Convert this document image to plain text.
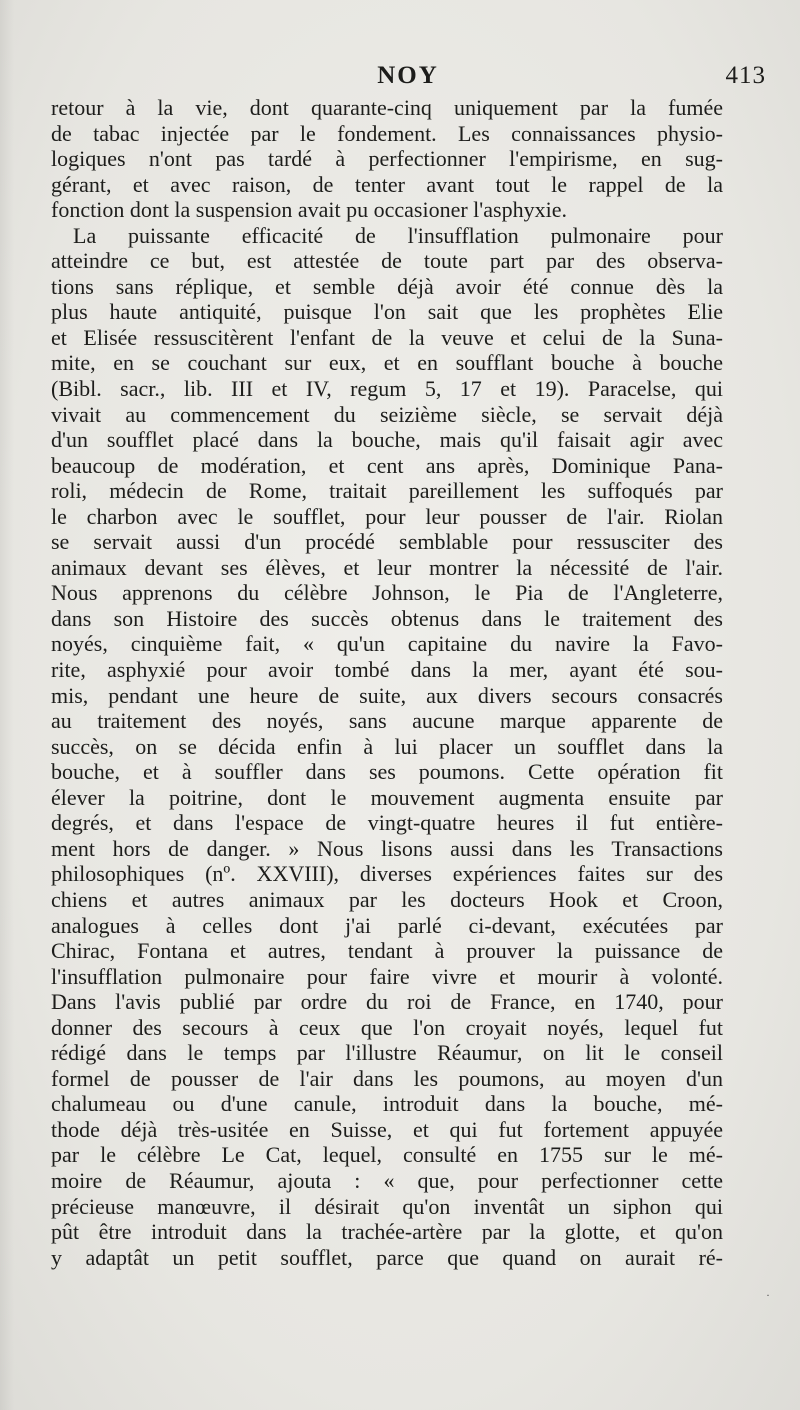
NOY	413
retour à la vie, dont quarante-cinq uniquement par la fumée
de tabac injectée par le fondement. Les connaissances physio-
logiques n'ont pas tardé à perfectionner l'empirisme, en sug-
gérant, et avec raison, de tenter avant tout le rappel de la
fonction dont la suspension avait pu occasioner l'asphyxie.
La puissante efficacité de l'insufflation pulmonaire pour
atteindre ce but, est attestée de toute part par des observa-
tions sans réplique, et semble déjà avoir été connue dès la
plus haute antiquité, puisque l'on sait que les prophètes Elie
et Elisée ressuscitèrent l'enfant de la veuve et celui de la Suna-
mite, en se couchant sur eux, et en soufflant bouche à bouche
(Bibl. sacr., lib. III et IV, regum 5, 17 et 19). Paracelse, qui
vivait au commencement du seizième siècle, se servait déjà
d'un soufflet placé dans la bouche, mais qu'il faisait agir avec
beaucoup de modération, et cent ans après, Dominique Pana-
roli, médecin de Rome, traitait pareillement les suffoqués par
le charbon avec le soufflet, pour leur pousser de l'air. Riolan
se servait aussi d'un procédé semblable pour ressusciter des
animaux devant ses élèves, et leur montrer la nécessité de l'air.
Nous apprenons du célèbre Johnson, le Pia de l'Angleterre,
dans son Histoire des succès obtenus dans le traitement des
noyés, cinquième fait, « qu'un capitaine du navire la Favo-
rite, asphyxié pour avoir tombé dans la mer, ayant été sou-
mis, pendant une heure de suite, aux divers secours consacrés
au traitement des noyés, sans aucune marque apparente de
succès, on se décida enfin à lui placer un soufflet dans la
bouche, et à souffler dans ses poumons. Cette opération fit
élever la poitrine, dont le mouvement augmenta ensuite par
degrés, et dans l'espace de vingt-quatre heures il fut entière-
ment hors de danger. » Nous lisons aussi dans les Transactions
philosophiques (nº. XXVIII), diverses expériences faites sur des
chiens et autres animaux par les docteurs Hook et Croon,
analogues à celles dont j'ai parlé ci-devant, exécutées par
Chirac, Fontana et autres, tendant à prouver la puissance de
l'insufflation pulmonaire pour faire vivre et mourir à volonté.
Dans l'avis publié par ordre du roi de France, en 1740, pour
donner des secours à ceux que l'on croyait noyés, lequel fut
rédigé dans le temps par l'illustre Réaumur, on lit le conseil
formel de pousser de l'air dans les poumons, au moyen d'un
chalumeau ou d'une canule, introduit dans la bouche, mé-
thode déjà très-usitée en Suisse, et qui fut fortement appuyée
par le célèbre Le Cat, lequel, consulté en 1755 sur le mé-
moire de Réaumur, ajouta : « que, pour perfectionner cette
précieuse manœuvre, il désirait qu'on inventât un siphon qui
pût être introduit dans la trachée-artère par la glotte, et qu'on
y adaptât un petit soufflet, parce que quand on aurait ré-
·
